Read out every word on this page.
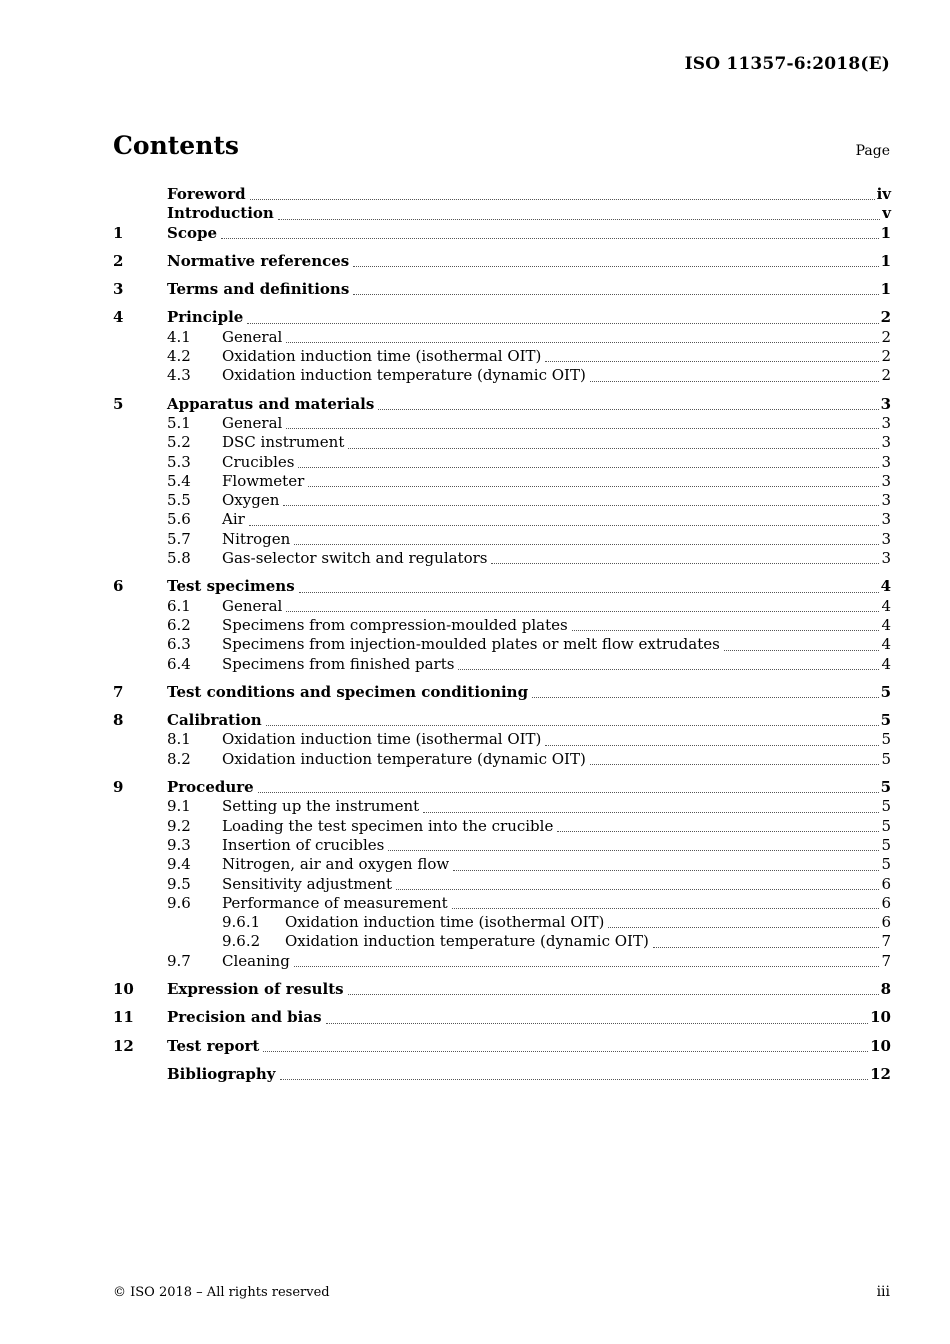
ISO 11357-6:2018(E)
Contents	Page
Foreword	iv
Introduction	v
1	Scope	1
2	Normative references	1
3	Terms and definitions	1
4	Principle	2
4.1	General	2
4.2	Oxidation induction time (isothermal OIT)	2
4.3	Oxidation induction temperature (dynamic OIT)	2
5	Apparatus and materials	3
5.1	General	3
5.2	DSC instrument	3
5.3	Crucibles	3
5.4	Flowmeter	3
5.5	Oxygen	3
5.6	Air	3
5.7	Nitrogen	3
5.8	Gas-selector switch and regulators	3
6	Test specimens	4
6.1	General	4
6.2	Specimens from compression-moulded plates	4
6.3	Specimens from injection-moulded plates or melt flow extrudates	4
6.4	Specimens from finished parts	4
7	Test conditions and specimen conditioning	5
8	Calibration	5
8.1	Oxidation induction time (isothermal OIT)	5
8.2	Oxidation induction temperature (dynamic OIT)	5
9	Procedure	5
9.1	Setting up the instrument	5
9.2	Loading the test specimen into the crucible	5
9.3	Insertion of crucibles	5
9.4	Nitrogen, air and oxygen flow	5
9.5	Sensitivity adjustment	6
9.6	Performance of measurement	6
9.6.1	Oxidation induction time (isothermal OIT)	6
9.6.2	Oxidation induction temperature (dynamic OIT)	7
9.7	Cleaning	7
10	Expression of results	8
11	Precision and bias	10
12	Test report	10
Bibliography	12
© ISO 2018 – All rights reserved	iii
